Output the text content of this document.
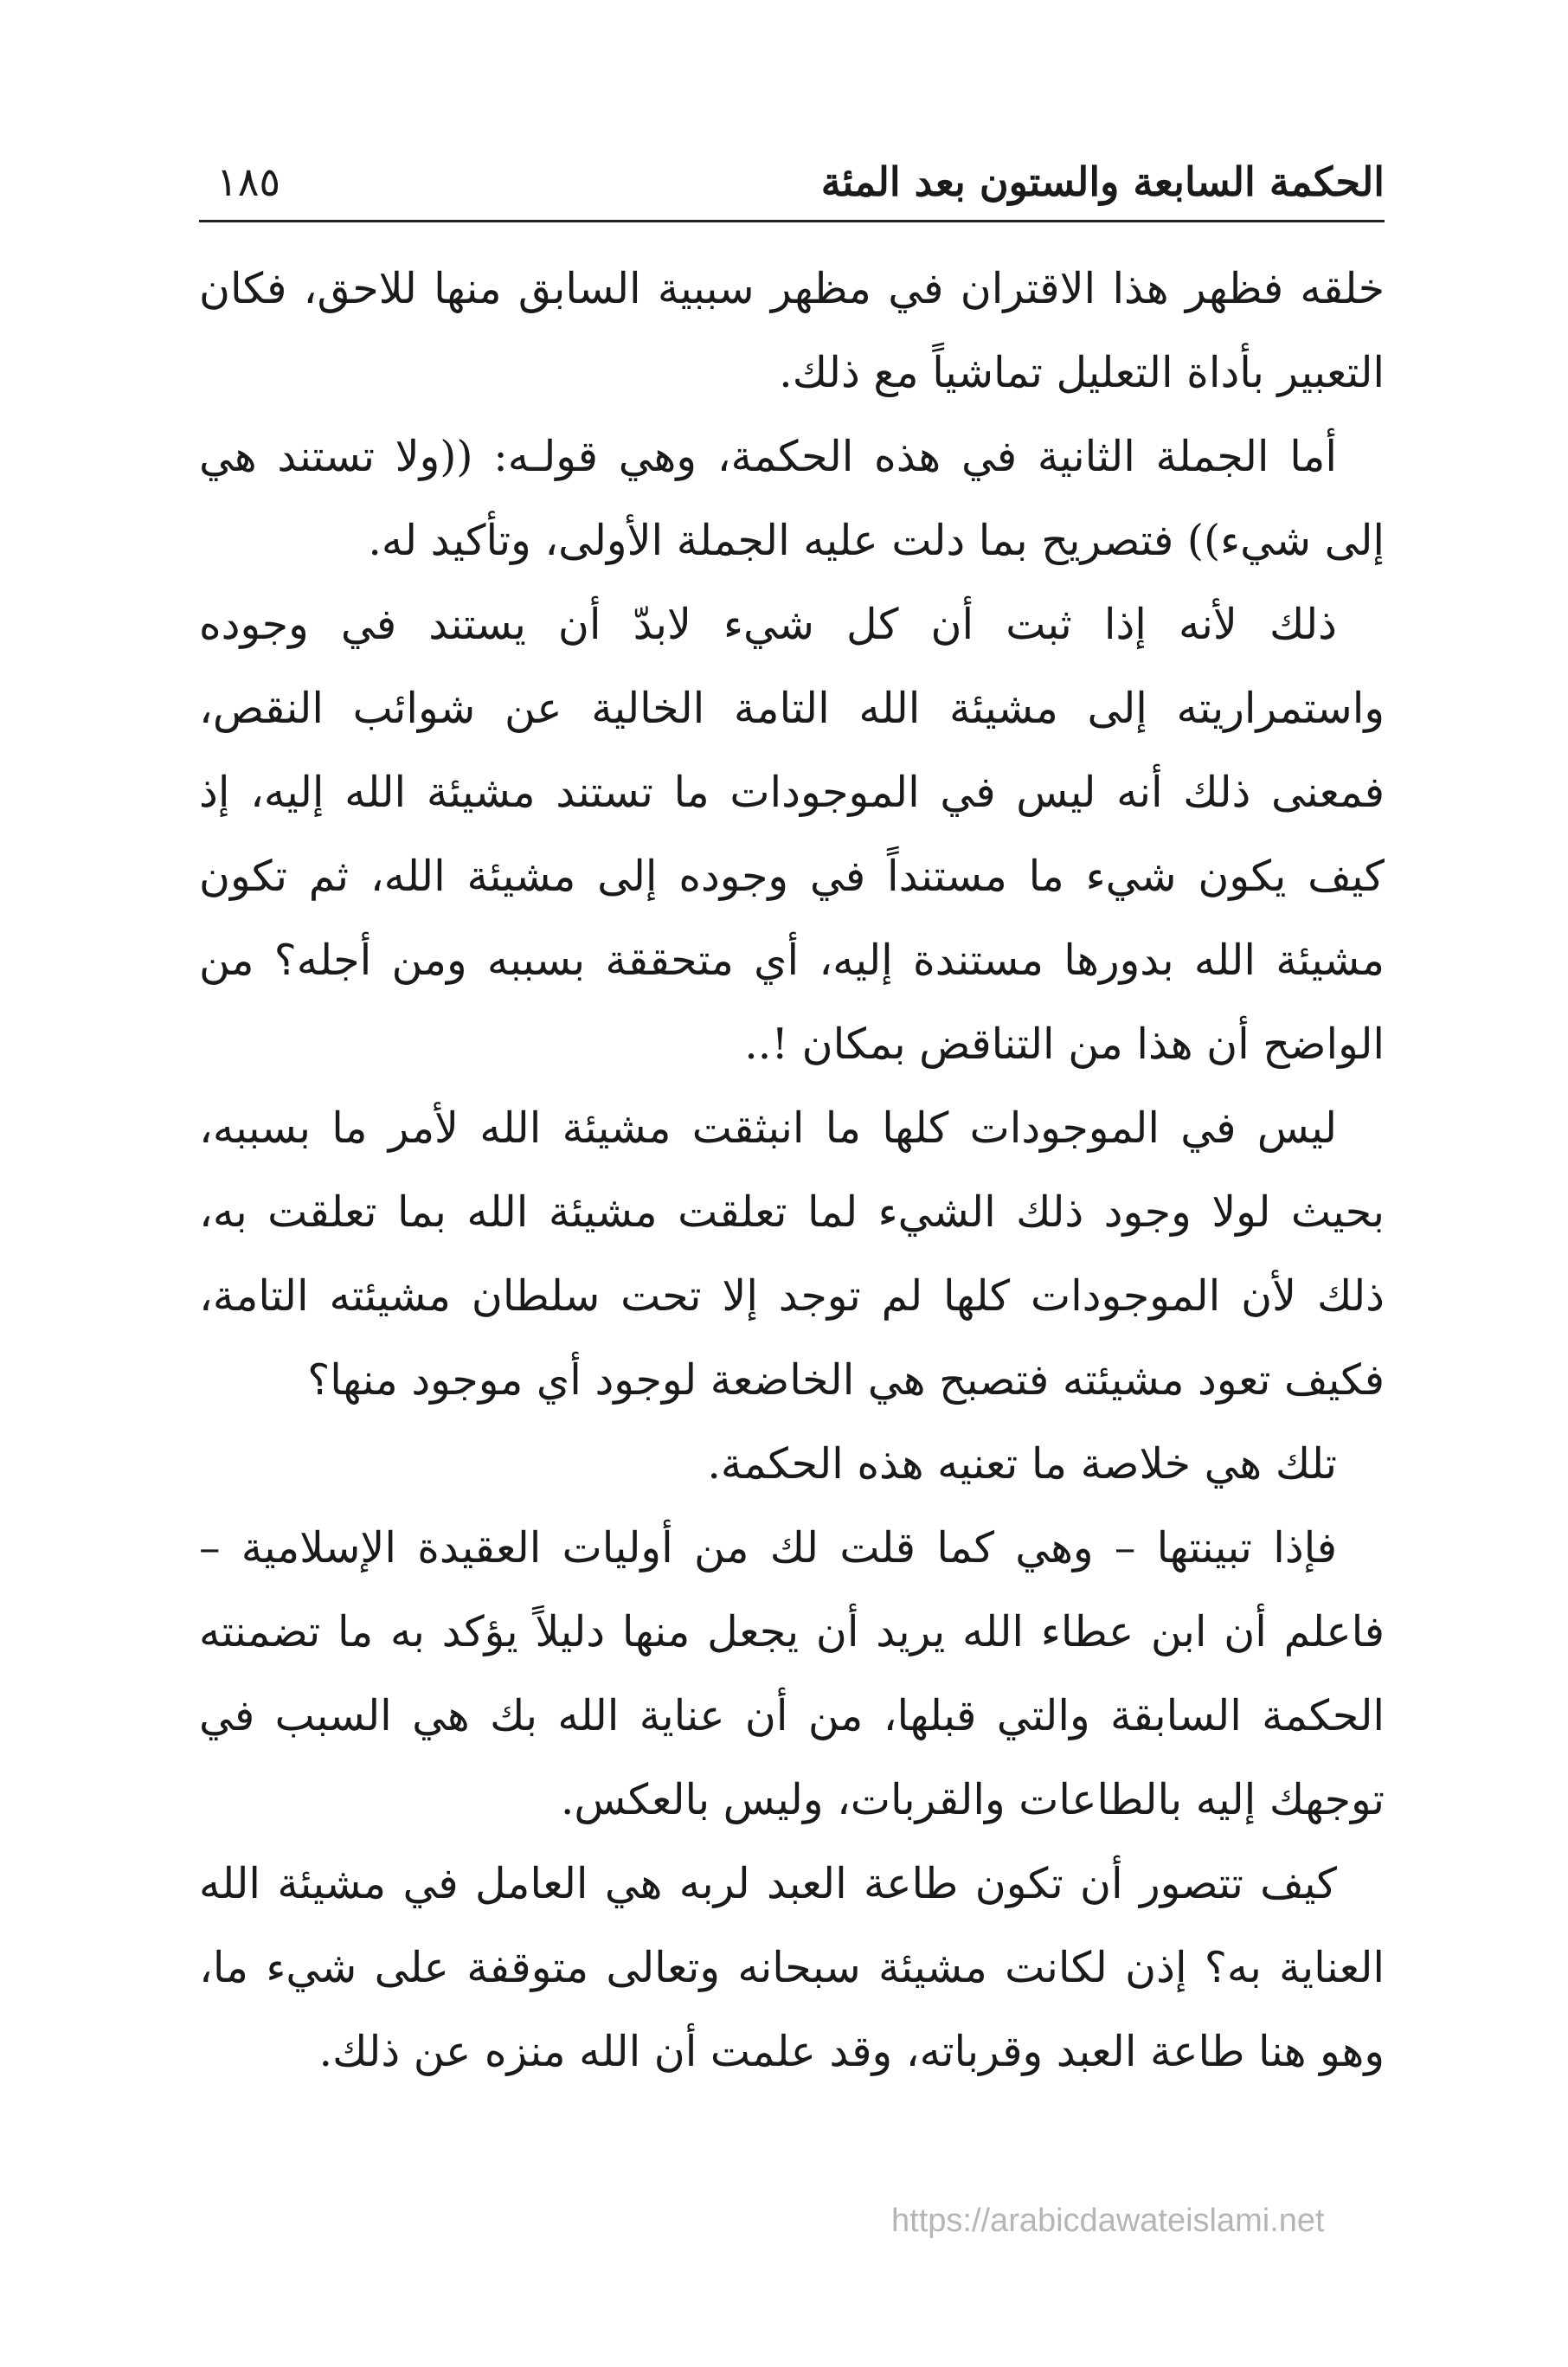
الحكمة السابعة والستون بعد المئة
١٨٥

خلقه فظهر هذا الاقتران في مظهر سببية السابق منها للاحق، فكان التعبير بأداة التعليل تماشياً مع ذلك.

أما الجملة الثانية في هذه الحكمة، وهي قولـه: ((ولا تستند هي إلى شيء)) فتصريح بما دلت عليه الجملة الأولى، وتأكيد له.

ذلك لأنه إذا ثبت أن كل شيء لابدّ أن يستند في وجوده واستمراريته إلى مشيئة الله التامة الخالية عن شوائب النقص، فمعنى ذلك أنه ليس في الموجودات ما تستند مشيئة الله إليه، إذ كيف يكون شيء ما مستنداً في وجوده إلى مشيئة الله، ثم تكون مشيئة الله بدورها مستندة إليه، أي متحققة بسببه ومن أجله؟ من الواضح أن هذا من التناقض بمكان !..

ليس في الموجودات كلها ما انبثقت مشيئة الله لأمر ما بسببه، بحيث لولا وجود ذلك الشيء لما تعلقت مشيئة الله بما تعلقت به، ذلك لأن الموجودات كلها لم توجد إلا تحت سلطان مشيئته التامة، فكيف تعود مشيئته فتصبح هي الخاضعة لوجود أي موجود منها؟

تلك هي خلاصة ما تعنيه هذه الحكمة.

فإذا تبينتها – وهي كما قلت لك من أوليات العقيدة الإسلامية – فاعلم أن ابن عطاء الله يريد أن يجعل منها دليلاً يؤكد به ما تضمنته الحكمة السابقة والتي قبلها، من أن عناية الله بك هي السبب في توجهك إليه بالطاعات والقربات، وليس بالعكس.

كيف تتصور أن تكون طاعة العبد لربه هي العامل في مشيئة الله العناية به؟ إذن لكانت مشيئة سبحانه وتعالى متوقفة على شيء ما، وهو هنا طاعة العبد وقرباته، وقد علمت أن الله منزه عن ذلك.

https://arabicdawateislami.net
